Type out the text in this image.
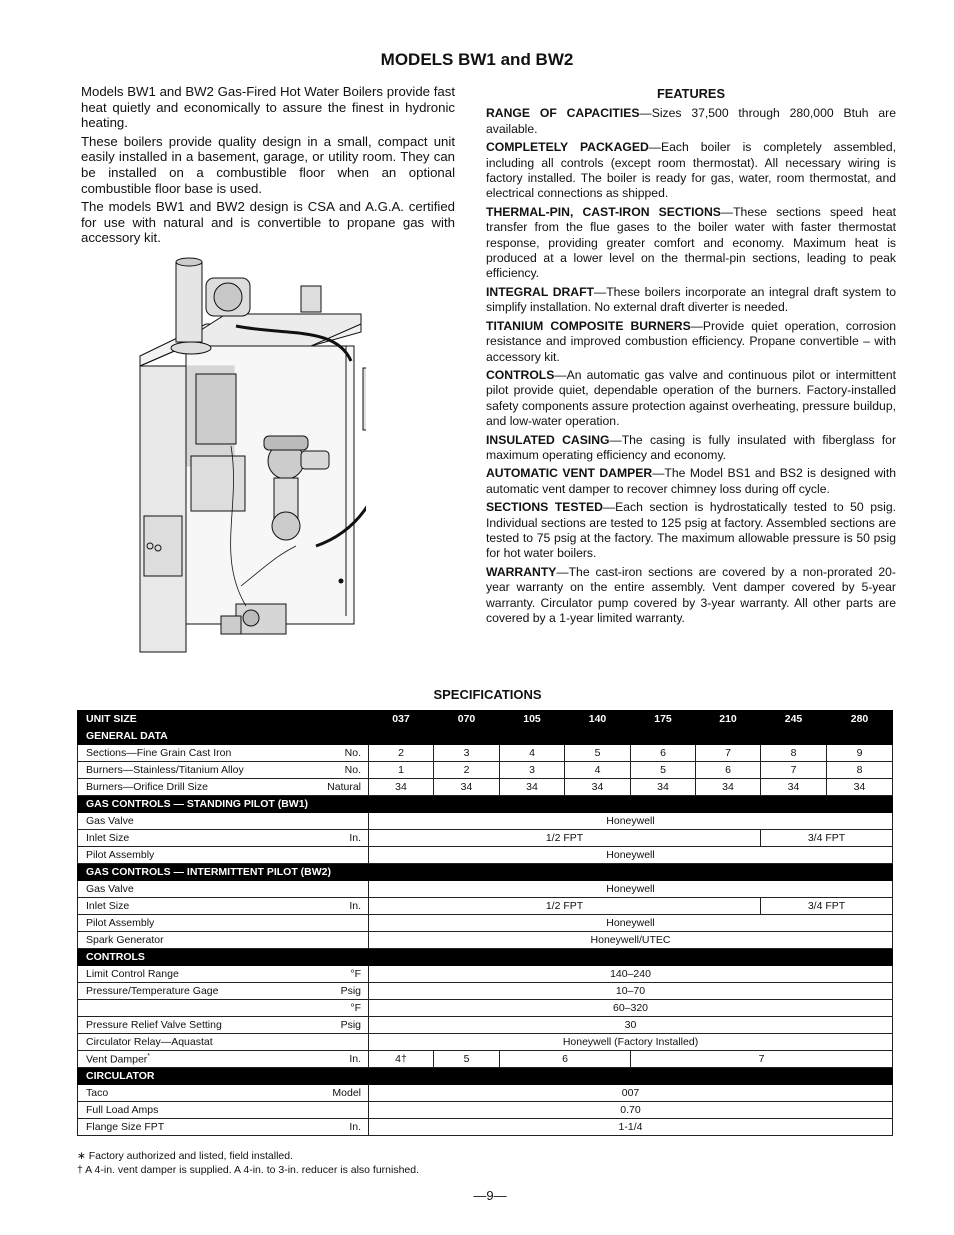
MODELS BW1 and BW2

Models BW1 and BW2 Gas-Fired Hot Water Boilers provide fast heat quietly and economically to assure the finest in hydronic heating.

These boilers provide quality design in a small, compact unit easily installed in a basement, garage, or utility room. They can be installed on a combustible floor when an optional combustible floor base is used.

The models BW1 and BW2 design is CSA and A.G.A. certified for use with natural and is convertible to propane gas with accessory kit.

FEATURES

RANGE OF CAPACITIES—Sizes 37,500 through 280,000 Btuh are available.

COMPLETELY PACKAGED—Each boiler is completely assembled, including all controls (except room thermostat). All necessary wiring is factory installed. The boiler is ready for gas, water, room thermostat, and electrical connections as shipped.

THERMAL-PIN, CAST-IRON SECTIONS—These sections speed heat transfer from the flue gases to the boiler water with faster thermostat response, providing greater comfort and economy. Maximum heat is produced at a lower level on the thermal-pin sections, leading to peak efficiency.

INTEGRAL DRAFT—These boilers incorporate an integral draft system to simplify installation. No external draft diverter is needed.

TITANIUM COMPOSITE BURNERS—Provide quiet operation, corrosion resistance and improved combustion efficiency. Propane convertible – with accessory kit.

CONTROLS—An automatic gas valve and continuous pilot or intermittent pilot provide quiet, dependable operation of the burners. Factory-installed safety components assure protection against overheating, pressure buildup, and low-water operation.

INSULATED CASING—The casing is fully insulated with fiberglass for maximum operating efficiency and economy.

AUTOMATIC VENT DAMPER—The Model BS1 and BS2 is designed with automatic vent damper to recover chimney loss during off cycle.

SECTIONS TESTED—Each section is hydrostatically tested to 50 psig. Individual sections are tested to 125 psig at factory. Assembled sections are tested to 75 psig at the factory. The maximum allowable pressure is 50 psig for hot water boilers.

WARRANTY—The cast-iron sections are covered by a non-prorated 20-year warranty on the entire assembly. Vent damper covered by 5-year warranty. Circulator pump covered by 3-year warranty. All other parts are covered by a 1-year limited warranty.

SPECIFICATIONS
UNIT SIZE		037	070	105	140	175	210	245	280
GENERAL DATA									
Sections—Fine Grain Cast Iron	No.	2	3	4	5	6	7	8	9
Burners—Stainless/Titanium Alloy	No.	1	2	3	4	5	6	7	8
Burners—Orifice Drill Size	Natural	34	34	34	34	34	34	34	34
GAS CONTROLS — STANDING PILOT (BW1)									
Gas Valve		Honeywell							
Inlet Size	In.	1/2 FPT						3/4 FPT	
Pilot Assembly		Honeywell							
GAS CONTROLS — INTERMITTENT PILOT (BW2)									
Gas Valve		Honeywell							
Inlet Size	In.	1/2 FPT						3/4 FPT	
Pilot Assembly		Honeywell							
Spark Generator		Honeywell/UTEC							
CONTROLS									
Limit Control Range	°F	140–240							
Pressure/Temperature Gage	Psig	10–70							
	°F	60–320							
Pressure Relief Valve Setting	Psig	30							
Circulator Relay—Aquastat		Honeywell (Factory Installed)							
Vent Damper*	In.	4†	5	6		7			
CIRCULATOR									
Taco	Model	007							
Full Load Amps		0.70							
Flange Size FPT	In.	1-1/4							
∗ Factory authorized and listed, field installed.
† A 4-in. vent damper is supplied. A 4-in. to 3-in. reducer is also furnished.
—9—
